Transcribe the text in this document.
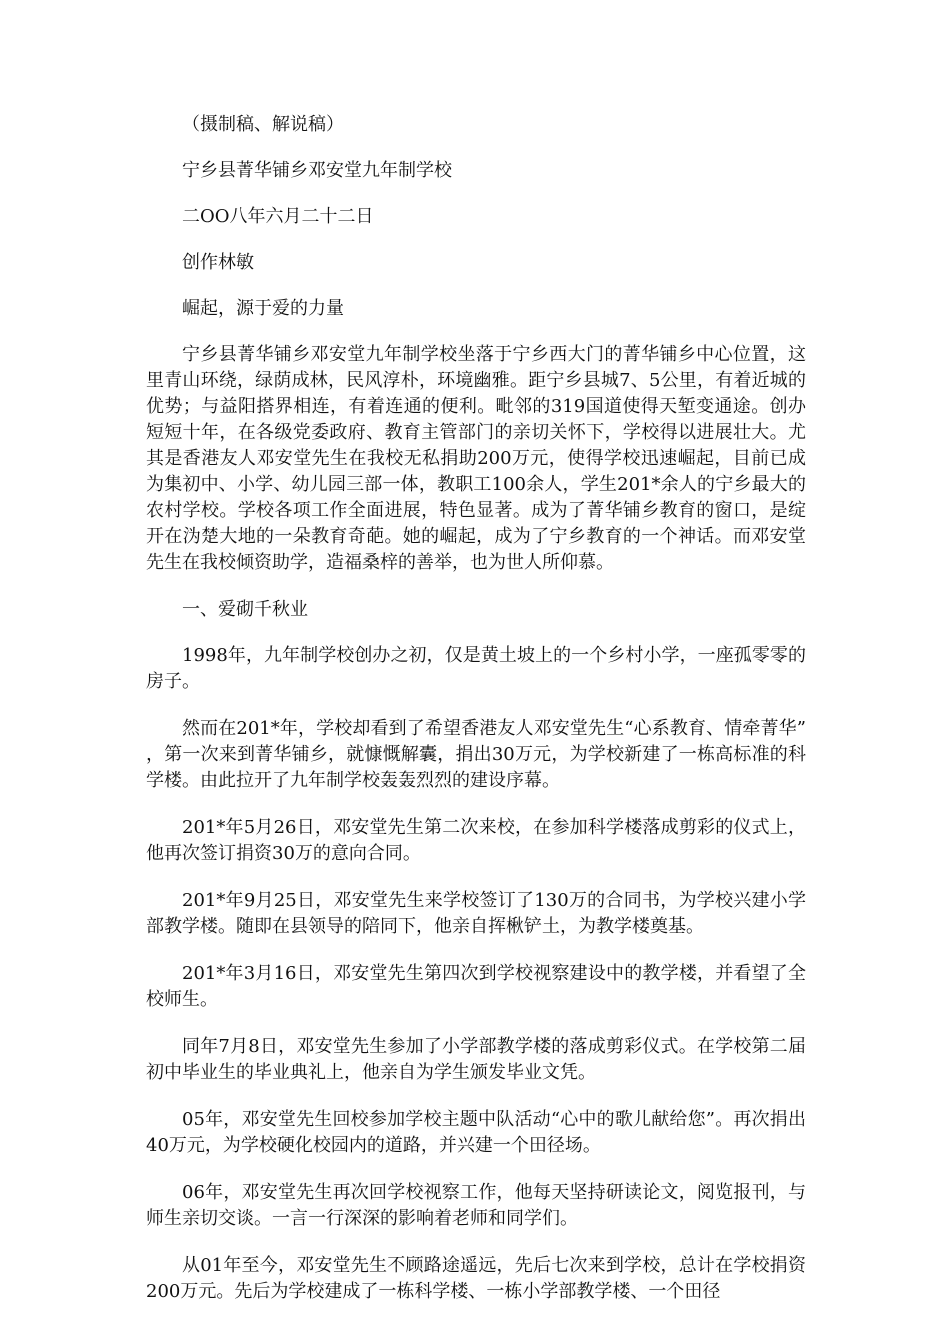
（摄制稿、解说稿）

宁乡县菁华铺乡邓安堂九年制学校

二OO八年六月二十二日

创作林敏

崛起，源于爱的力量

宁乡县菁华铺乡邓安堂九年制学校坐落于宁乡西大门的菁华铺乡中心位置，这里青山环绕，绿荫成林，民风淳朴，环境幽雅。距宁乡县城7、5公里，有着近城的优势；与益阳搭界相连，有着连通的便利。毗邻的319国道使得天堑变通途。创办短短十年，在各级党委政府、教育主管部门的亲切关怀下，学校得以进展壮大。尤其是香港友人邓安堂先生在我校无私捐助200万元，使得学校迅速崛起，目前已成为集初中、小学、幼儿园三部一体，教职工100余人，学生201*余人的宁乡最大的农村学校。学校各项工作全面进展，特色显著。成为了菁华铺乡教育的窗口，是绽开在沩楚大地的一朵教育奇葩。她的崛起，成为了宁乡教育的一个神话。而邓安堂先生在我校倾资助学，造福桑梓的善举，也为世人所仰慕。

一、爱砌千秋业

1998年，九年制学校创办之初，仅是黄土坡上的一个乡村小学，一座孤零零的房子。

然而在201*年，学校却看到了希望香港友人邓安堂先生“心系教育、情牵菁华”，第一次来到菁华铺乡，就慷慨解囊，捐出30万元，为学校新建了一栋高标准的科学楼。由此拉开了九年制学校轰轰烈烈的建设序幕。

201*年5月26日，邓安堂先生第二次来校，在参加科学楼落成剪彩的仪式上，他再次签订捐资30万的意向合同。

201*年9月25日，邓安堂先生来学校签订了130万的合同书，为学校兴建小学部教学楼。随即在县领导的陪同下，他亲自挥楸铲土，为教学楼奠基。

201*年3月16日，邓安堂先生第四次到学校视察建设中的教学楼，并看望了全校师生。

同年7月8日，邓安堂先生参加了小学部教学楼的落成剪彩仪式。在学校第二届初中毕业生的毕业典礼上，他亲自为学生颁发毕业文凭。

05年，邓安堂先生回校参加学校主题中队活动“心中的歌儿献给您”。再次捐出40万元，为学校硬化校园内的道路，并兴建一个田径场。

06年，邓安堂先生再次回学校视察工作，他每天坚持研读论文，阅览报刊，与师生亲切交谈。一言一行深深的影响着老师和同学们。

从01年至今，邓安堂先生不顾路途遥远，先后七次来到学校，总计在学校捐资200万元。先后为学校建成了一栋科学楼、一栋小学部教学楼、一个田径
